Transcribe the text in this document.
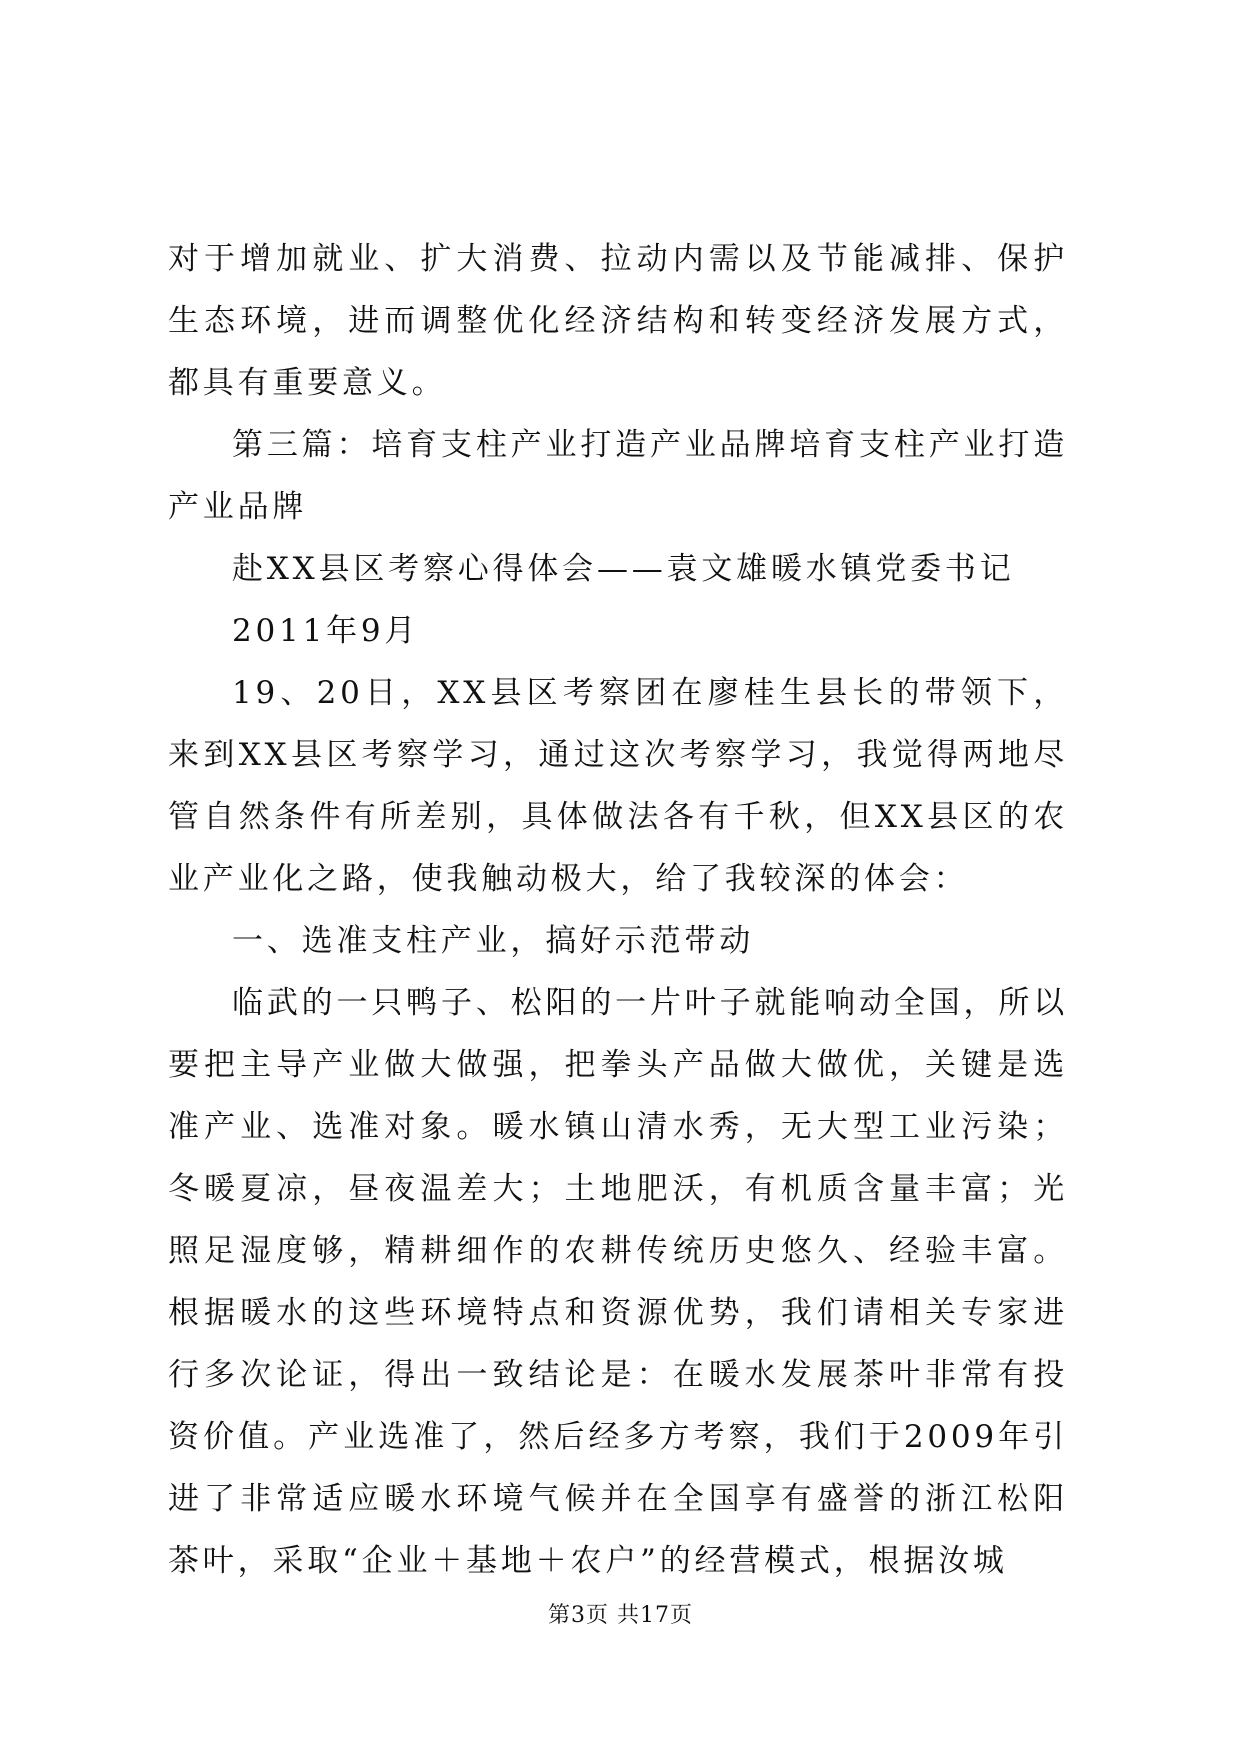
对于增加就业、扩大消费、拉动内需以及节能减排、保护生态环境，进而调整优化经济结构和转变经济发展方式，都具有重要意义。

第三篇：培育支柱产业打造产业品牌培育支柱产业打造产业品牌

赴XX县区考察心得体会——袁文雄暖水镇党委书记

2011年9月

19、20日，XX县区考察团在廖桂生县长的带领下，来到XX县区考察学习，通过这次考察学习，我觉得两地尽管自然条件有所差别，具体做法各有千秋，但XX县区的农业产业化之路，使我触动极大，给了我较深的体会：

一、选准支柱产业，搞好示范带动

临武的一只鸭子、松阳的一片叶子就能响动全国，所以要把主导产业做大做强，把拳头产品做大做优，关键是选准产业、选准对象。暖水镇山清水秀，无大型工业污染；冬暖夏凉，昼夜温差大；土地肥沃，有机质含量丰富；光照足湿度够，精耕细作的农耕传统历史悠久、经验丰富。根据暖水的这些环境特点和资源优势，我们请相关专家进行多次论证，得出一致结论是：在暖水发展茶叶非常有投资价值。产业选准了，然后经多方考察，我们于2009年引进了非常适应暖水环境气候并在全国享有盛誉的浙江松阳茶叶，采取“企业＋基地＋农户”的经营模式，根据汝城

第3页 共17页
